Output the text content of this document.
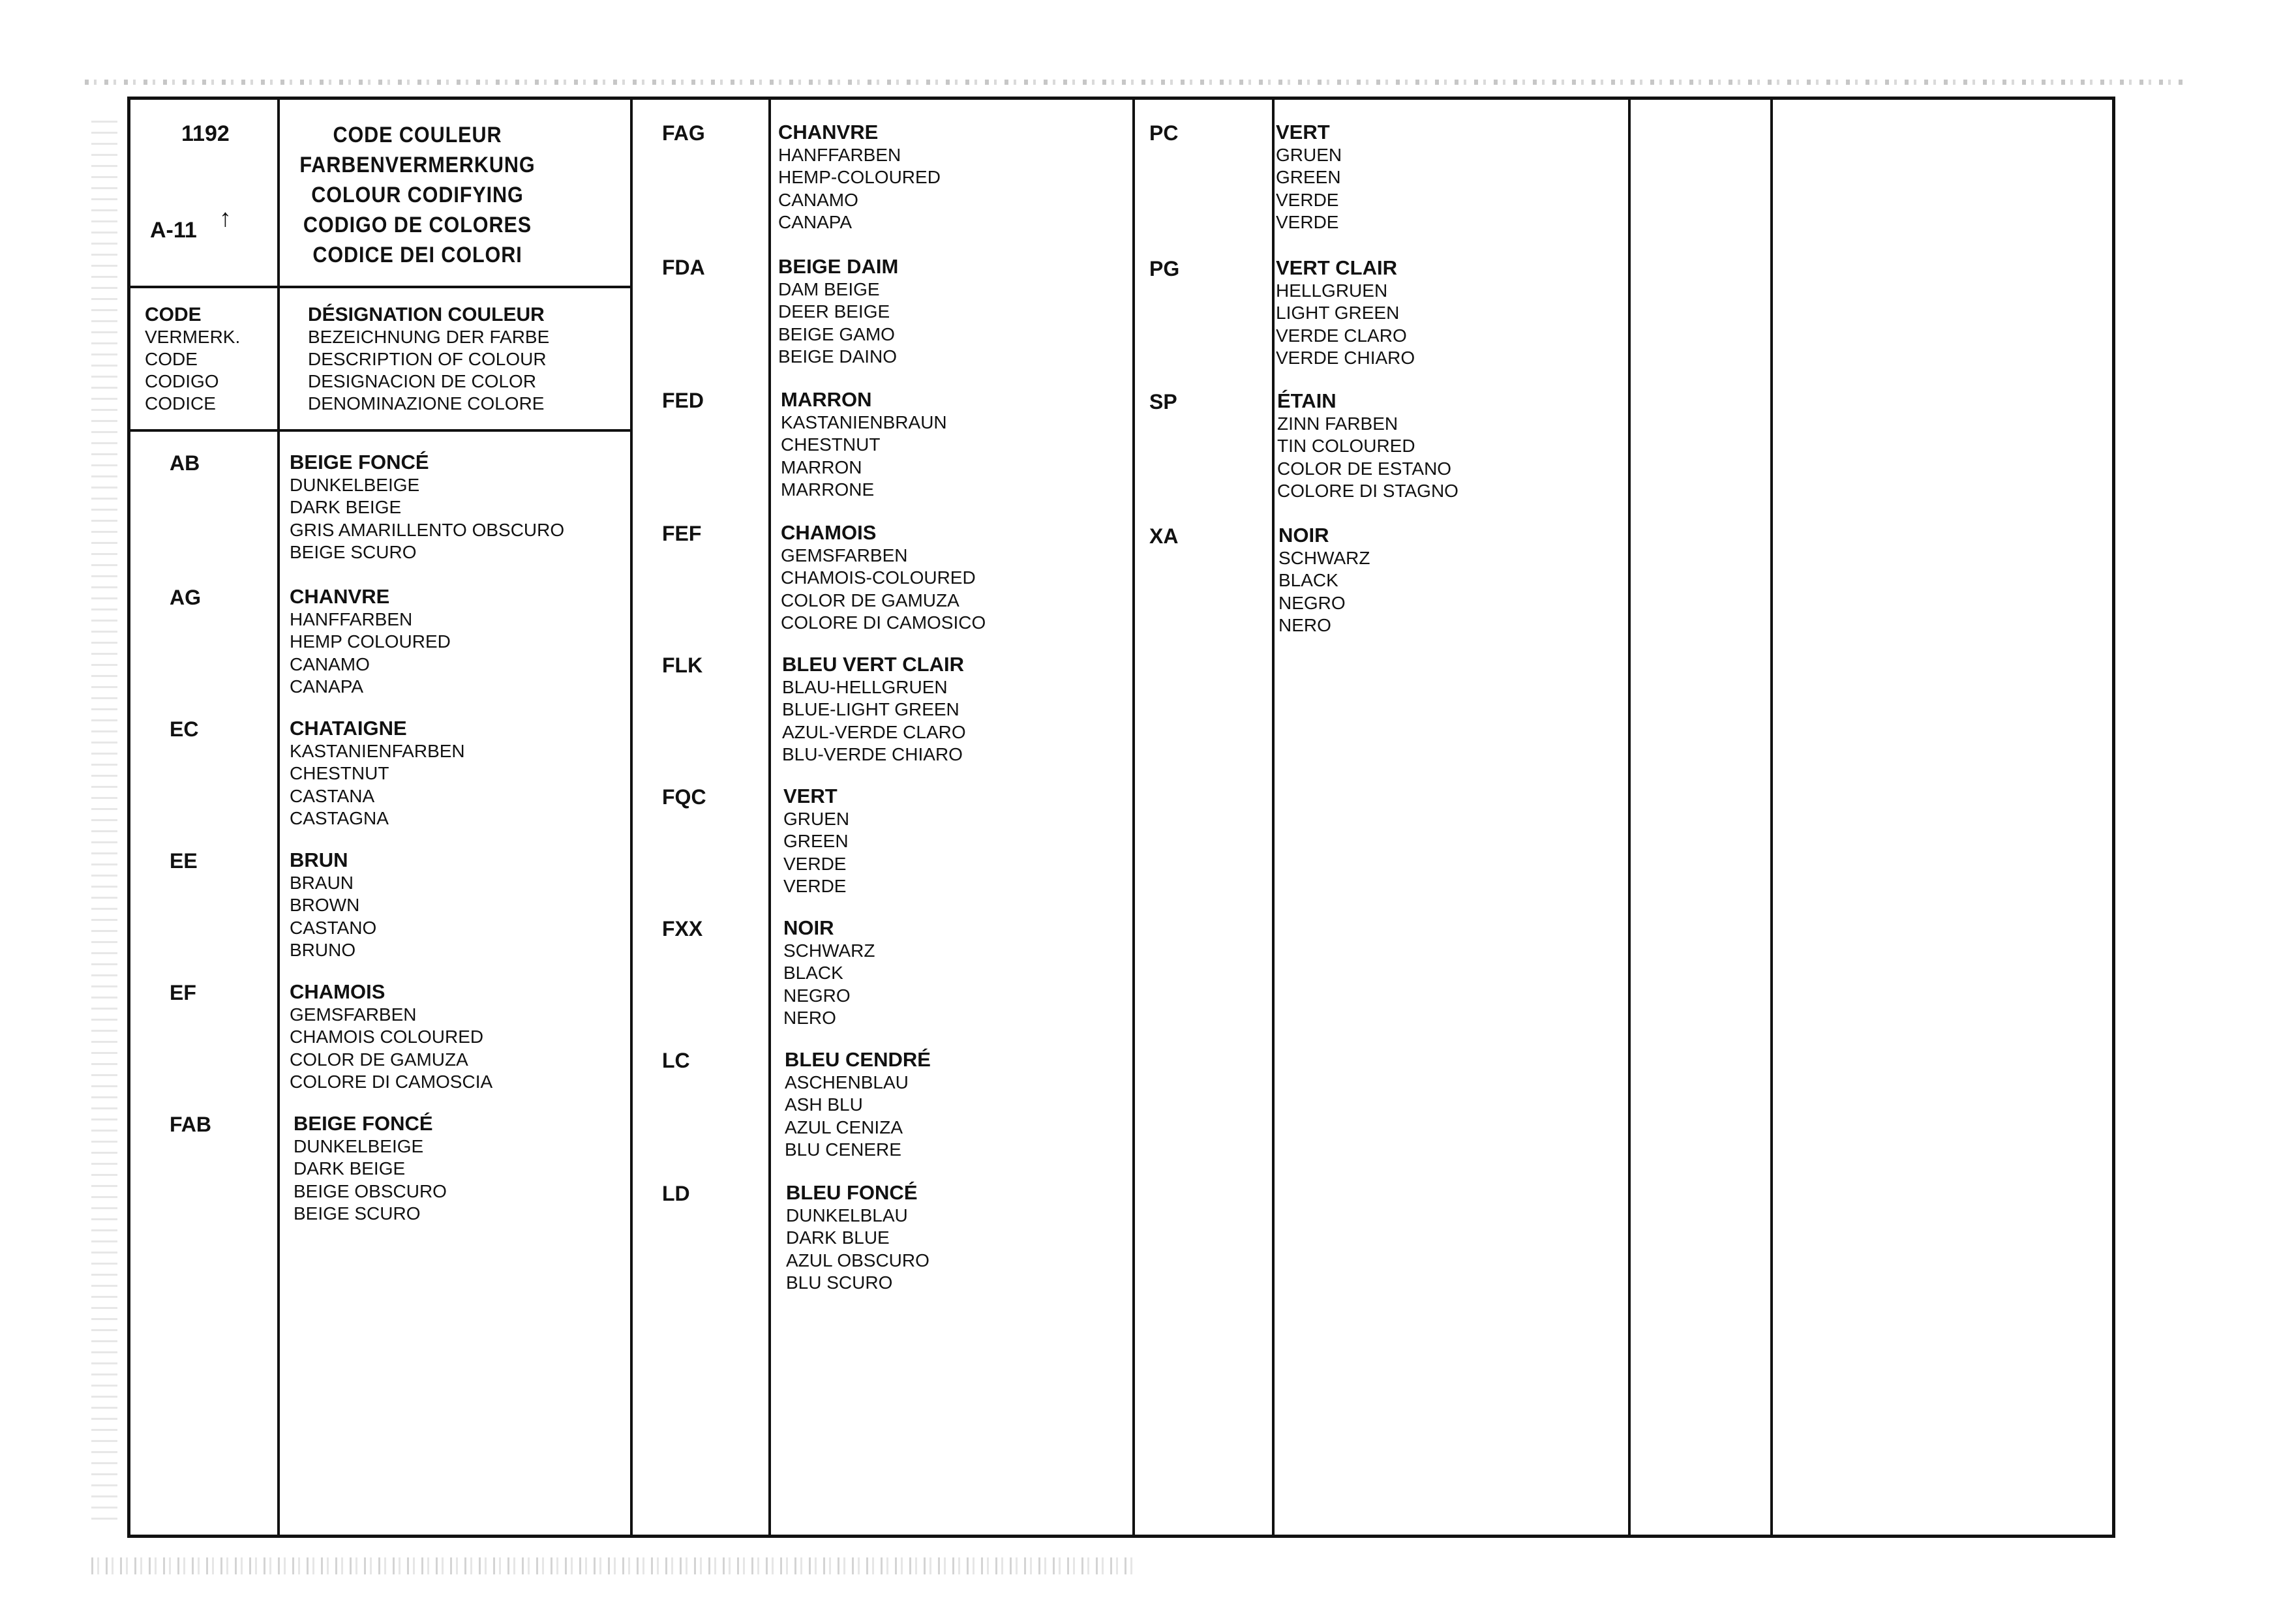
1192
A-11 ↑
CODE COULEUR
FARBENVERMERKUNG
COLOUR CODIFYING
CODIGO DE COLORES
CODICE DEI COLORI
CODE
VERMERK.
CODE
CODIGO
CODICE
DÉSIGNATION COULEUR
BEZEICHNUNG DER FARBE
DESCRIPTION OF COLOUR
DESIGNACION DE COLOR
DENOMINAZIONE COLORE
AB	BEIGE FONCÉ
DUNKELBEIGE
DARK BEIGE
GRIS AMARILLENTO OBSCURO
BEIGE SCURO
AG	CHANVRE
HANFFARBEN
HEMP COLOURED
CANAMO
CANAPA
EC	CHATAIGNE
KASTANIENFARBEN
CHESTNUT
CASTANA
CASTAGNA
EE	BRUN
BRAUN
BROWN
CASTANO
BRUNO
EF	CHAMOIS
GEMSFARBEN
CHAMOIS COLOURED
COLOR DE GAMUZA
COLORE DI CAMOSCIA
FAB	BEIGE FONCÉ
DUNKELBEIGE
DARK BEIGE
BEIGE OBSCURO
BEIGE SCURO
FAG	CHANVRE
HANFFARBEN
HEMP-COLOURED
CANAMO
CANAPA
FDA	BEIGE DAIM
DAM BEIGE
DEER BEIGE
BEIGE GAMO
BEIGE DAINO
FED	MARRON
KASTANIENBRAUN
CHESTNUT
MARRON
MARRONE
FEF	CHAMOIS
GEMSFARBEN
CHAMOIS-COLOURED
COLOR DE GAMUZA
COLORE DI CAMOSICO
FLK	BLEU VERT CLAIR
BLAU-HELLGRUEN
BLUE-LIGHT GREEN
AZUL-VERDE CLARO
BLU-VERDE CHIARO
FQC	VERT
GRUEN
GREEN
VERDE
VERDE
FXX	NOIR
SCHWARZ
BLACK
NEGRO
NERO
LC	BLEU CENDRÉ
ASCHENBLAU
ASH BLU
AZUL CENIZA
BLU CENERE
LD	BLEU FONCÉ
DUNKELBLAU
DARK BLUE
AZUL OBSCURO
BLU SCURO
PC	VERT
GRUEN
GREEN
VERDE
VERDE
PG	VERT CLAIR
HELLGRUEN
LIGHT GREEN
VERDE CLARO
VERDE CHIARO
SP	ÉTAIN
ZINN FARBEN
TIN COLOURED
COLOR DE ESTANO
COLORE DI STAGNO
XA	NOIR
SCHWARZ
BLACK
NEGRO
NERO
